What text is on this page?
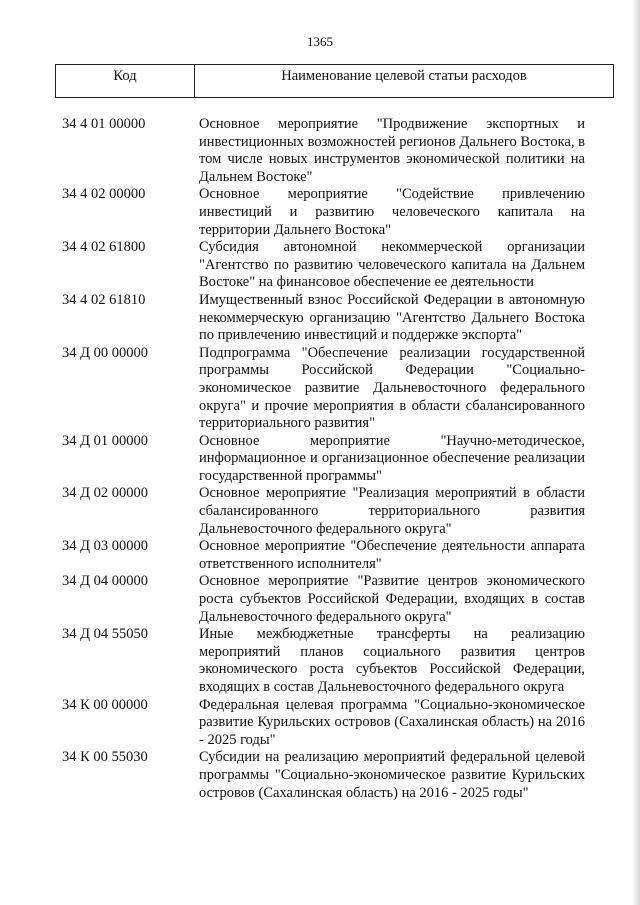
1365
Код	Наименование целевой статьи расходов
34 4 01 00000	Основное мероприятие "Продвижение экспортных и инвестиционных возможностей регионов Дальнего Востока, в том числе новых инструментов экономической политики на Дальнем Востоке"
34 4 02 00000	Основное мероприятие "Содействие привлечению инвестиций и развитию человеческого капитала на территории Дальнего Востока"
34 4 02 61800	Субсидия автономной некоммерческой организации "Агентство по развитию человеческого капитала на Дальнем Востоке" на финансовое обеспечение ее деятельности
34 4 02 61810	Имущественный взнос Российской Федерации в автономную некоммерческую организацию "Агентство Дальнего Востока по привлечению инвестиций и поддержке экспорта"
34 Д 00 00000	Подпрограмма "Обеспечение реализации государственной программы Российской Федерации "Социально-экономическое развитие Дальневосточного федерального округа" и прочие мероприятия в области сбалансированного территориального развития"
34 Д 01 00000	Основное мероприятие "Научно-методическое, информационное и организационное обеспечение реализации государственной программы"
34 Д 02 00000	Основное мероприятие "Реализация мероприятий в области сбалансированного территориального развития Дальневосточного федерального округа"
34 Д 03 00000	Основное мероприятие "Обеспечение деятельности аппарата ответственного исполнителя"
34 Д 04 00000	Основное мероприятие "Развитие центров экономического роста субъектов Российской Федерации, входящих в состав Дальневосточного федерального округа"
34 Д 04 55050	Иные межбюджетные трансферты на реализацию мероприятий планов социального развития центров экономического роста субъектов Российской Федерации, входящих в состав Дальневосточного федерального округа
34 К 00 00000	Федеральная целевая программа "Социально-экономическое развитие Курильских островов (Сахалинская область) на 2016 - 2025 годы"
34 К 00 55030	Субсидии на реализацию мероприятий федеральной целевой программы "Социально-экономическое развитие Курильских островов (Сахалинская область) на 2016 - 2025 годы"
